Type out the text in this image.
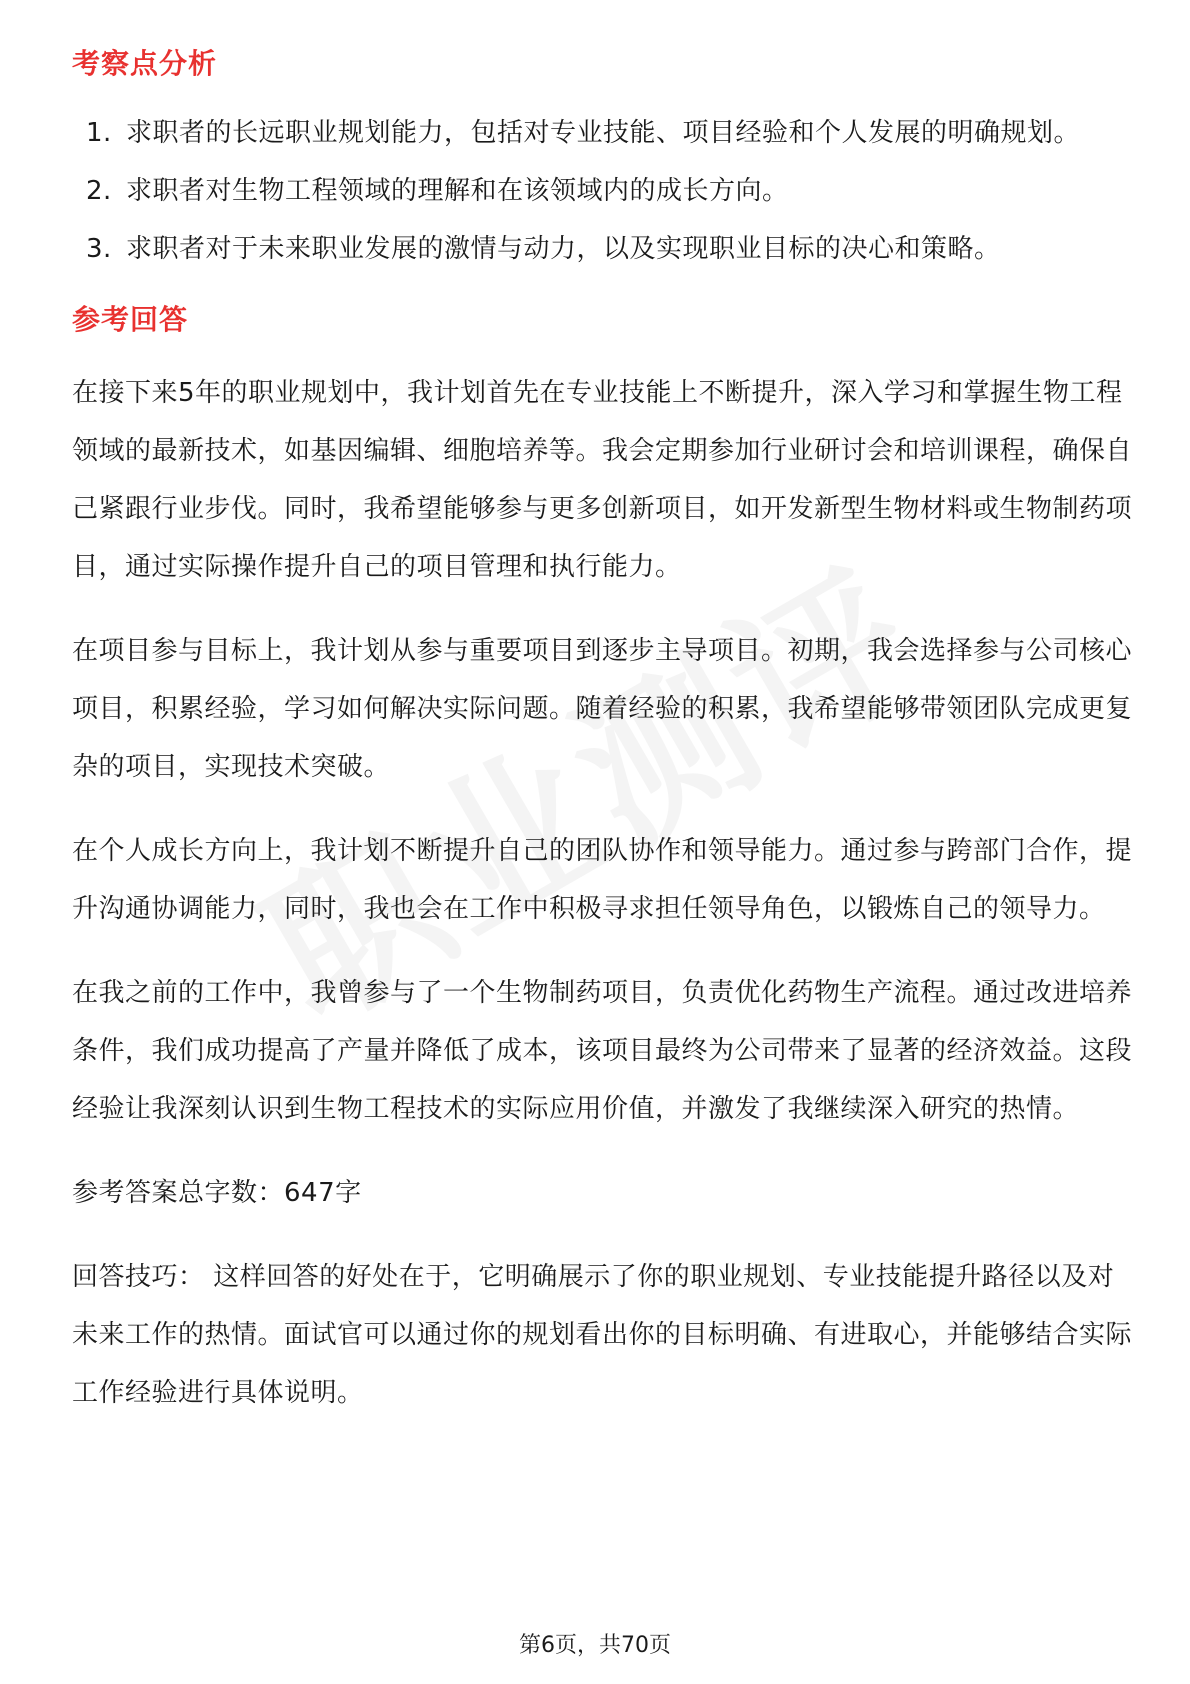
考察点分析
1. 求职者的长远职业规划能力，包括对专业技能、项目经验和个人发展的明确规划。
2. 求职者对生物工程领域的理解和在该领域内的成长方向。
3. 求职者对于未来职业发展的激情与动力，以及实现职业目标的决心和策略。
参考回答

在接下来5年的职业规划中，我计划首先在专业技能上不断提升，深入学习和掌握生物工程领域的最新技术，如基因编辑、细胞培养等。我会定期参加行业研讨会和培训课程，确保自己紧跟行业步伐。同时，我希望能够参与更多创新项目，如开发新型生物材料或生物制药项目，通过实际操作提升自己的项目管理和执行能力。

在项目参与目标上，我计划从参与重要项目到逐步主导项目。初期，我会选择参与公司核心项目，积累经验，学习如何解决实际问题。随着经验的积累，我希望能够带领团队完成更复杂的项目，实现技术突破。

在个人成长方向上，我计划不断提升自己的团队协作和领导能力。通过参与跨部门合作，提升沟通协调能力，同时，我也会在工作中积极寻求担任领导角色，以锻炼自己的领导力。

在我之前的工作中，我曾参与了一个生物制药项目，负责优化药物生产流程。通过改进培养条件，我们成功提高了产量并降低了成本，该项目最终为公司带来了显著的经济效益。这段经验让我深刻认识到生物工程技术的实际应用价值，并激发了我继续深入研究的热情。

参考答案总字数：647字

回答技巧： 这样回答的好处在于，它明确展示了你的职业规划、专业技能提升路径以及对未来工作的热情。面试官可以通过你的规划看出你的目标明确、有进取心，并能够结合实际工作经验进行具体说明。

第6页，共70页
